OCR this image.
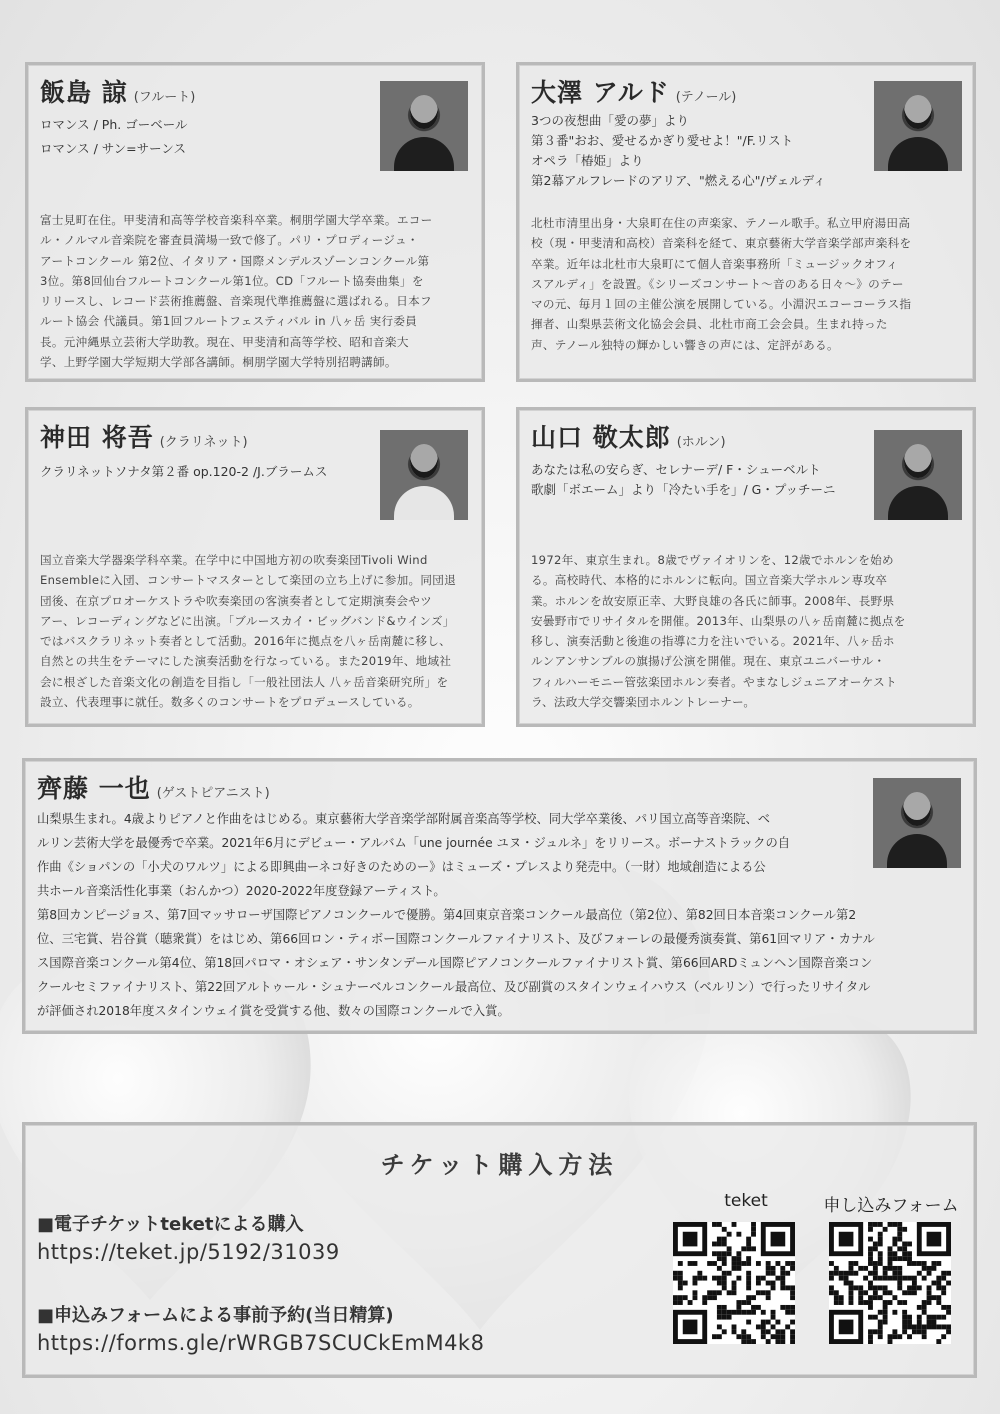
飯島 諒 (フルート)
ロマンス / Ph. ゴーベール
ロマンス / サン=サーンス
富士見町在住。甲斐清和高等学校音楽科卒業。桐朋学園大学卒業。エコー
ル・ノルマル音楽院を審査員満場一致で修了。パリ・プロディージュ・
アートコンクール 第2位、イタリア・国際メンデルスゾーンコンクール第
3位。第8回仙台フルートコンクール第1位。CD「フルート協奏曲集」を
リリースし、レコード芸術推薦盤、音楽現代準推薦盤に選ばれる。日本フ
ルート協会 代議員。第1回フルートフェスティバル in 八ヶ岳 実行委員
長。元沖縄県立芸術大学助教。現在、甲斐清和高等学校、昭和音楽大
学、上野学園大学短期大学部各講師。桐朋学園大学特別招聘講師。
大澤 アルド (テノール)
3つの夜想曲「愛の夢」より
第３番"おお、愛せるかぎり愛せよ！"/F.リスト
オペラ「椿姫」より
第2幕アルフレードのアリア、"燃える心"/ヴェルディ
北杜市清里出身・大泉町在住の声楽家、テノール歌手。私立甲府湯田高
校（現・甲斐清和高校）音楽科を経て、東京藝術大学音楽学部声楽科を
卒業。近年は北杜市大泉町にて個人音楽事務所「ミュージックオフィ
スアルディ」を設置。《シリーズコンサート～音のある日々～》のテー
マの元、毎月１回の主催公演を展開している。小淵沢エコーコーラス指
揮者、山梨県芸術文化協会会員、北杜市商工会会員。生まれ持った
声、テノール独特の輝かしい響きの声には、定評がある。
神田 将吾 (クラリネット)
クラリネットソナタ第２番 op.120-2 /J.ブラームス
国立音楽大学器楽学科卒業。在学中に中国地方初の吹奏楽団Tivoli Wind
Ensembleに入団、コンサートマスターとして楽団の立ち上げに参加。同団退
団後、在京プロオーケストラや吹奏楽団の客演奏者として定期演奏会やツ
アー、レコーディングなどに出演。「ブルースカイ・ビッグバンド&ウインズ」
ではバスクラリネット奏者として活動。2016年に拠点を八ヶ岳南麓に移し、
自然との共生をテーマにした演奏活動を行なっている。また2019年、地域社
会に根ざした音楽文化の創造を目指し「一般社団法人 八ヶ岳音楽研究所」を
設立、代表理事に就任。数多くのコンサートをプロデュースしている。
山口 敬太郎 (ホルン)
あなたは私の安らぎ、セレナーデ/ F・シューベルト
歌劇「ボエーム」より「冷たい手を」/ G・プッチーニ
1972年、東京生まれ。8歳でヴァイオリンを、12歳でホルンを始め
る。高校時代、本格的にホルンに転向。国立音楽大学ホルン専攻卒
業。ホルンを故安原正幸、大野良雄の各氏に師事。2008年、長野県
安曇野市でリサイタルを開催。2013年、山梨県の八ヶ岳南麓に拠点を
移し、演奏活動と後進の指導に力を注いでいる。2021年、八ヶ岳ホ
ルンアンサンブルの旗揚げ公演を開催。現在、東京ユニバーサル・
フィルハーモニー管弦楽団ホルン奏者。やまなしジュニアオーケスト
ラ、法政大学交響楽団ホルントレーナー。
齊藤 一也 (ゲストピアニスト)
山梨県生まれ。4歳よりピアノと作曲をはじめる。東京藝術大学音楽学部附属音楽高等学校、同大学卒業後、パリ国立高等音楽院、ベ
ルリン芸術大学を最優秀で卒業。2021年6月にデビュー・アルバム「une journée ユヌ・ジュルネ」をリリース。ボーナストラックの自
作曲《ショパンの「小犬のワルツ」による即興曲ーネコ好きのためのー》はミューズ・プレスより発売中。（一財）地域創造による公
共ホール音楽活性化事業（おんかつ）2020-2022年度登録アーティスト。
第8回カンピージョス、第7回マッサローザ国際ピアノコンクールで優勝。第4回東京音楽コンクール最高位（第2位）、第82回日本音楽コンクール第2
位、三宅賞、岩谷賞（聴衆賞）をはじめ、第66回ロン・ティボー国際コンクールファイナリスト、及びフォーレの最優秀演奏賞、第61回マリア・カナル
ス国際音楽コンクール第4位、第18回パロマ・オシェア・サンタンデール国際ピアノコンクールファイナリスト賞、第66回ARDミュンヘン国際音楽コン
クールセミファイナリスト、第22回アルトゥール・シュナーベルコンクール最高位、及び副賞のスタインウェイハウス（ベルリン）で行ったリサイタル
が評価され2018年度スタインウェイ賞を受賞する他、数々の国際コンクールで入賞。
チケット購入方法
■電子チケットteketによる購入
https://teket.jp/5192/31039
■申込みフォームによる事前予約(当日精算)
https://forms.gle/rWRGB7SCUCkEmM4k8
teket	申し込みフォーム
